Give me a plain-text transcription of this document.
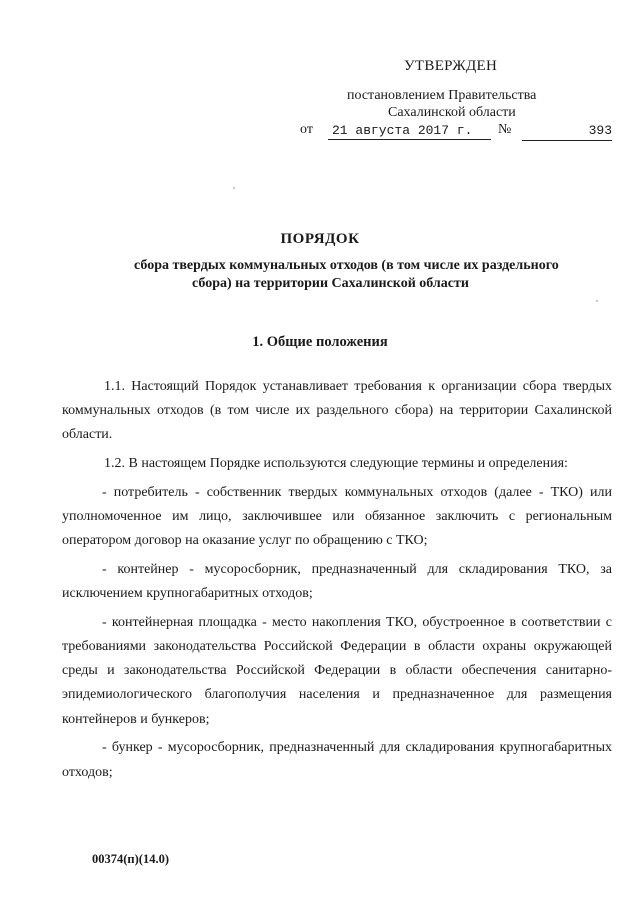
УТВЕРЖДЕН
постановлением Правительства
Сахалинской области
от	21 августа 2017 г.	№	393
ПОРЯДОК
сбора твердых коммунальных отходов (в том числе их раздельного
сбора) на территории Сахалинской области
1. Общие положения

1.1. Настоящий Порядок устанавливает требования к организации сбора твердых коммунальных отходов (в том числе их раздельного сбора) на территории Сахалинской области.

1.2. В настоящем Порядке используются следующие термины и определения:

- потребитель - собственник твердых коммунальных отходов (далее - ТКО) или уполномоченное им лицо, заключившее или обязанное заключить с региональным оператором договор на оказание услуг по обращению с ТКО;

- контейнер - мусоросборник, предназначенный для складирования ТКО, за исключением крупногабаритных отходов;

- контейнерная площадка - место накопления ТКО, обустроенное в соответствии с требованиями законодательства Российской Федерации в области охраны окружающей среды и законодательства Российской Федерации в области обеспечения санитарно-эпидемиологического благополучия населения и предназначенное для размещения контейнеров и бункеров;

- бункер - мусоросборник, предназначенный для складирования крупногабаритных отходов;

00374(п)(14.0)
